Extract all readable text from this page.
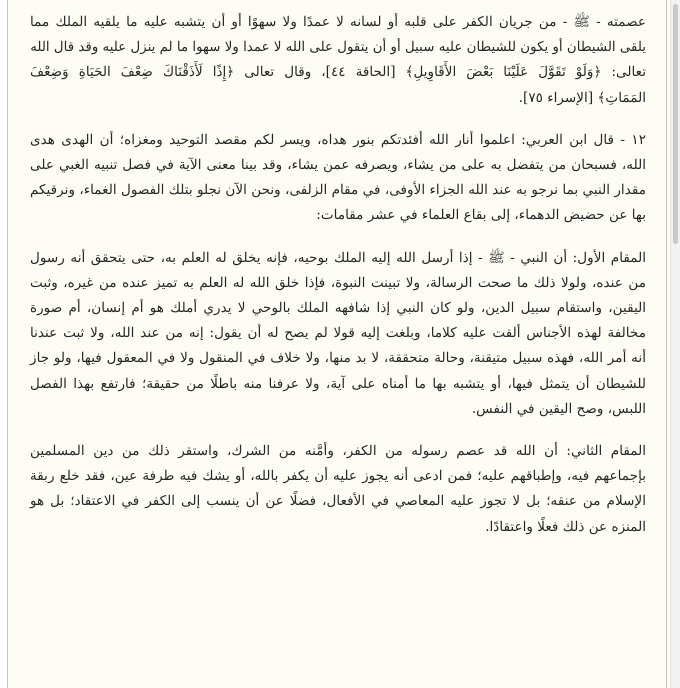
عصمته - ﷺ - من جريان الكفر على قلبه أو لسانه لا عمدًا ولا سهوًا أو أن يتشبه عليه ما يلقيه الملك مما
يلقى الشيطان أو يكون للشيطان عليه سبيل أو أن يتقول على الله لا عمدا ولا سهوا ما لم ينزل عليه وقد قال الله
تعالى: ﴿وَلَوْ تَقَوَّلَ عَلَيْنَا بَعْضَ الأَقَاوِيلِ﴾ [الحاقة ٤٤]، وقال تعالى ﴿إِذًا لَأَذَقْنَاكَ ضِعْفَ الحَيَاةِ وَضِعْفَ
المَمَاتِ﴾ [الإسراء ٧٥].
١٢ - قال ابن العربي: اعلموا أنار الله أفئدتكم بنور هداه، ويسر لكم مقصد التوحيد ومغزاه؛ أن الهدى هدى
الله، فسبحان من يتفضل به على من يشاء، ويصرفه عمن يشاء، وقد بينا معنى الآية في فصل تنبيه الغبي على
مقدار النبي بما نرجو به عند الله الجزاء الأوفى، في مقام الزلفى، ونحن الآن نجلو بتلك الفصول الغماء، ونرقيكم
بها عن حضيض الدهماء، إلى بقاع العلماء في عشر مقامات:
المقام الأول: أن النبي - ﷺ - إذا أرسل الله إليه الملك بوحيه، فإنه يخلق له العلم به، حتى يتحقق أنه رسول
من عنده، ولولا ذلك ما صحت الرسالة، ولا تبينت النبوة، فإذا خلق الله له العلم به تميز عنده من غيره، وثبت
اليقين، واستقام سبيل الدين، ولو كان النبي إذا شافهه الملك بالوحي لا يدري أملك هو أم إنسان، أم صورة
مخالفة لهذه الأجناس ألقت عليه كلاما، وبلغت إليه قولا لم يصح له أن يقول: إنه من عند الله، ولا ثبت عندنا
أنه أمر الله، فهذه سبيل متيقنة، وحالة متحققة، لا بد منها، ولا خلاف في المنقول ولا في المعقول فيها، ولو جاز
للشيطان أن يتمثل فيها، أو يتشبه بها ما أمناه على آية، ولا عرفنا منه باطلًا من حقيقة؛ فارتفع بهذا الفصل
اللبس، وصح اليقين في النفس.
المقام الثاني: أن الله قد عصم رسوله من الكفر، وأمَّنه من الشرك، واستقر ذلك من دين المسلمين
بإجماعهم فيه، وإطباقهم عليه؛ فمن ادعى أنه يجوز عليه أن يكفر بالله، أو يشك فيه طرفة عين، فقد خلع ربقة
الإسلام من عنقه؛ بل لا تجوز عليه المعاصي في الأفعال، فضلًا عن أن ينسب إلى الكفر في الاعتقاد؛ بل هو
المنزه عن ذلك فعلًا واعتقادًا.
